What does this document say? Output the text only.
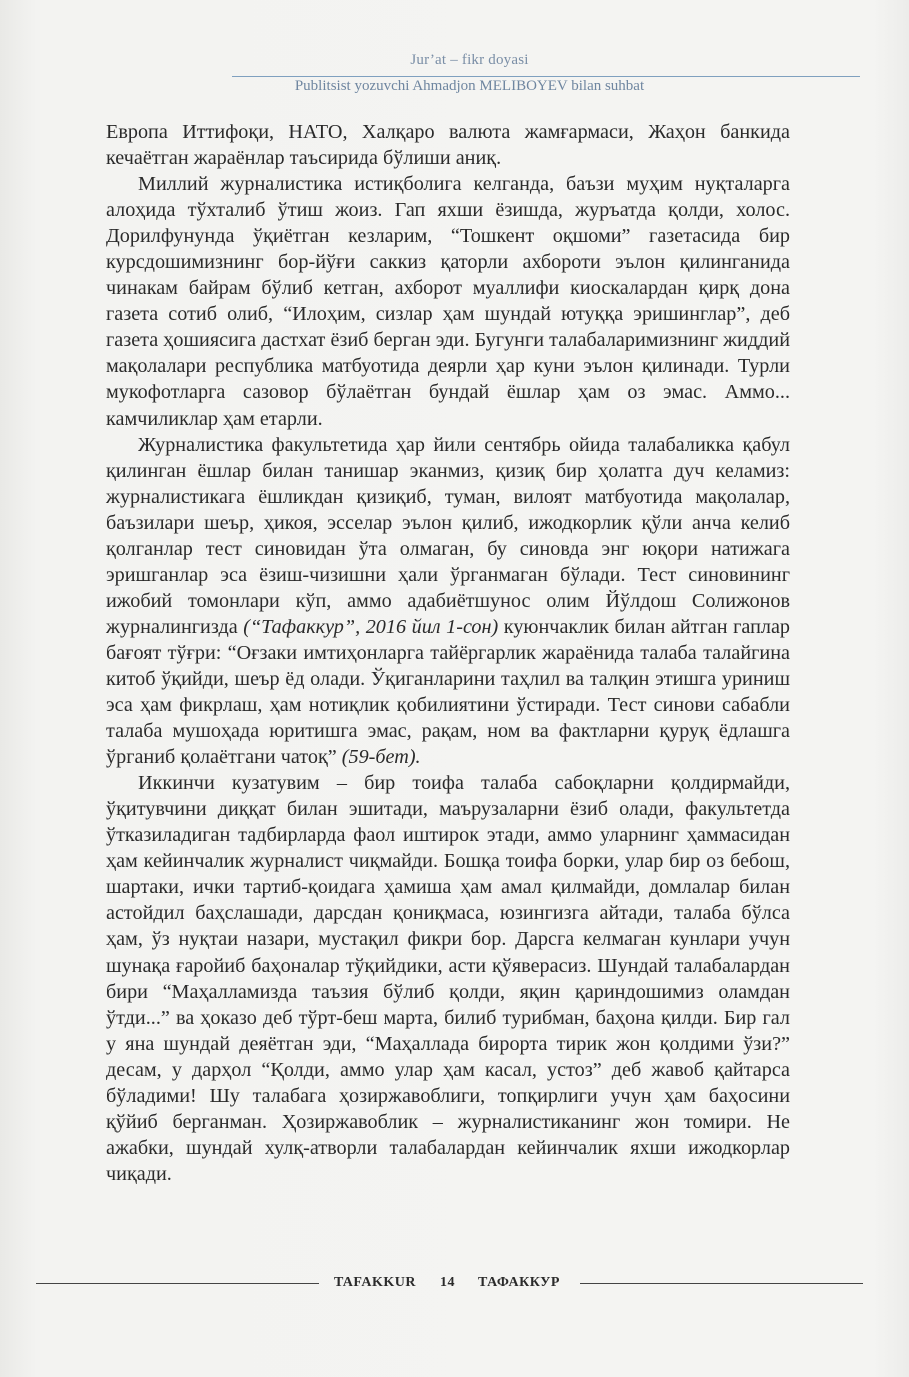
Jur’at – fikr doyasi
Publitsist yozuvchi Ahmadjon MELIBOYEV bilan suhbat

Европа Иттифоқи, НАТО, Халқаро валюта жамғармаси, Жаҳон банкида кечаётган жараёнлар таъсирида бўлиши аниқ.

Миллий журналистика истиқболига келганда, баъзи муҳим нуқталарга алоҳида тўхталиб ўтиш жоиз. Гап яхши ёзишда, журъатда қолди, холос. Дорилфунунда ўқиётган кезларим, “Тошкент оқшоми” газетасида бир курсдошимизнинг бор-йўғи саккиз қаторли ахбороти эълон қилинганида чинакам байрам бўлиб кетган, ахборот муаллифи киоскалардан қирқ дона газета сотиб олиб, “Илоҳим, сизлар ҳам шундай ютуққа эришинглар”, деб газета ҳошиясига дастхат ёзиб берган эди. Бугунги талабаларимизнинг жиддий мақолалари республика матбуотида деярли ҳар куни эълон қилинади. Турли мукофотларга сазовор бўлаётган бундай ёшлар ҳам оз эмас. Аммо... камчиликлар ҳам етарли.

Журналистика факультетида ҳар йили сентябрь ойида талабаликка қабул қилинган ёшлар билан танишар эканмиз, қизиқ бир ҳолатга дуч келамиз: журналистикага ёшликдан қизиқиб, туман, вилоят матбуотида мақолалар, баъзилари шеър, ҳикоя, эсселар эълон қилиб, ижодкорлик қўли анча келиб қолганлар тест синовидан ўта олмаган, бу синовда энг юқори натижага эришганлар эса ёзиш-чизишни ҳали ўрганмаган бўлади. Тест синовининг ижобий томонлари кўп, аммо адабиётшунос олим Йўлдош Солижонов журналингизда (“Тафаккур”, 2016 йил 1-сон) куюнчаклик билан айтган гаплар бағоят тўғри: “Оғзаки имтиҳонларга тайёргарлик жараёнида талаба талайгина китоб ўқийди, шеър ёд олади. Ўқиганларини таҳлил ва талқин этишга уриниш эса ҳам фикрлаш, ҳам нотиқлик қобилиятини ўстиради. Тест синови сабабли талаба мушоҳада юритишга эмас, рақам, ном ва фактларни қуруқ ёдлашга ўрганиб қолаётгани чатоқ” (59-бет).

Иккинчи кузатувим – бир тоифа талаба сабоқларни қолдирмайди, ўқитувчини диққат билан эшитади, маърузаларни ёзиб олади, факультетда ўтказиладиган тадбирларда фаол иштирок этади, аммо уларнинг ҳаммасидан ҳам кейинчалик журналист чиқмайди. Бошқа тоифа борки, улар бир оз бебош, шартаки, ички тартиб-қоидага ҳамиша ҳам амал қилмайди, домлалар билан астойдил баҳслашади, дарсдан қониқмаса, юзингизга айтади, талаба бўлса ҳам, ўз нуқтаи назари, мустақил фикри бор. Дарсга келмаган кунлари учун шунақа ғаройиб баҳоналар тўқийдики, асти қўяверасиз. Шундай талабалардан бири “Маҳалламизда таъзия бўлиб қолди, яқин қариндошимиз оламдан ўтди...” ва ҳоказо деб тўрт-беш марта, билиб турибман, баҳона қилди. Бир гал у яна шундай деяётган эди, “Маҳаллада бирорта тирик жон қолдими ўзи?” десам, у дарҳол “Қолди, аммо улар ҳам касал, устоз” деб жавоб қайтарса бўладими! Шу талабага ҳозиржавоблиги, топқирлиги учун ҳам баҳосини қўйиб берганман. Ҳозиржавоблик – журналистиканинг жон томири. Не ажабки, шундай хулқ-атворли талабалардан кейинчалик яхши ижодкорлар чиқади.

TAFAKKUR 14 ТАФАККУР
